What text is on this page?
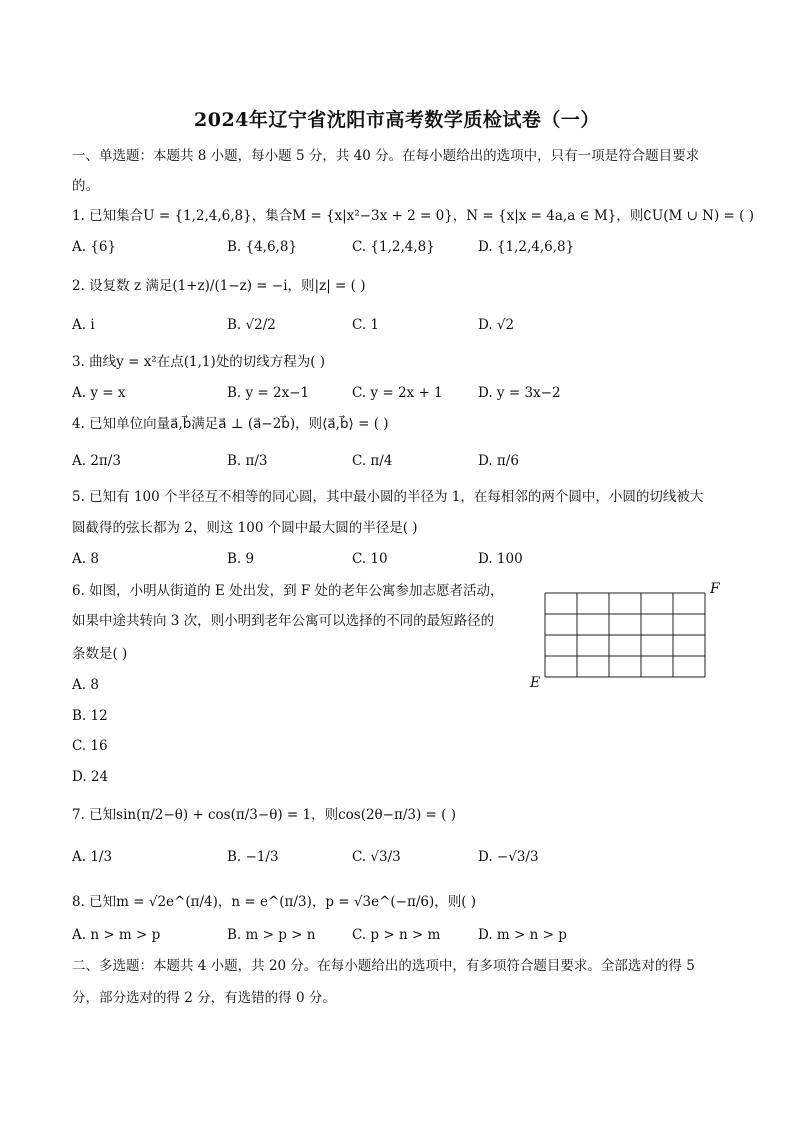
2024年辽宁省沈阳市高考数学质检试卷（一）
一、单选题：本题共 8 小题，每小题 5 分，共 40 分。在每小题给出的选项中，只有一项是符合题目要求
的。
1. 已知集合U = {1,2,4,6,8}，集合M = {x|x²−3x + 2 = 0}，N = {x|x = 4a,a ∈ M}，则∁U(M ∪ N) = ( )
A. {6}	B. {4,6,8}	C. {1,2,4,8}	D. {1,2,4,6,8}
2. 设复数 z 满足(1+z)/(1−z) = −i，则|z| = ( )
A. i	B. √2/2	C. 1	D. √2
3. 曲线y = x²在点(1,1)处的切线方程为( )
A. y = x	B. y = 2x−1	C. y = 2x + 1	D. y = 3x−2
4. 已知单位向量a⃗,b⃗满足a⃗ ⊥ (a⃗−2b⃗)，则⟨a⃗,b⃗⟩ = ( )
A. 2π/3	B. π/3	C. π/4	D. π/6
5. 已知有 100 个半径互不相等的同心圆，其中最小圆的半径为 1，在每相邻的两个圆中，小圆的切线被大
圆截得的弦长都为 2，则这 100 个圆中最大圆的半径是( )
A. 8	B. 9	C. 10	D. 100
6. 如图，小明从街道的 E 处出发，到 F 处的老年公寓参加志愿者活动，
如果中途共转向 3 次，则小明到老年公寓可以选择的不同的最短路径的
条数是( )
A. 8
B. 12
C. 16
D. 24
F
E
7. 已知sin(π/2−θ) + cos(π/3−θ) = 1，则cos(2θ−π/3) = ( )
A. 1/3	B. −1/3	C. √3/3	D. −√3/3
8. 已知m = √2e^(π/4)，n = e^(π/3)，p = √3e^(−π/6)，则( )
A. n > m > p	B. m > p > n	C. p > n > m	D. m > n > p
二、多选题：本题共 4 小题，共 20 分。在每小题给出的选项中，有多项符合题目要求。全部选对的得 5
分，部分选对的得 2 分，有选错的得 0 分。
